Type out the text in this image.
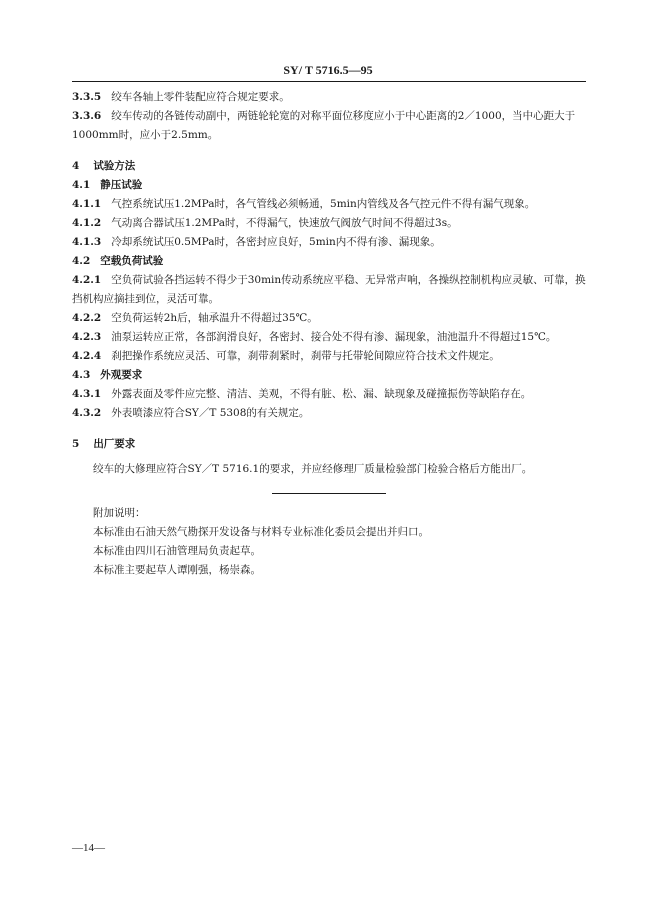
SY/ T 5716.5—95

3.3.5 绞车各轴上零件装配应符合规定要求。

3.3.6 绞车传动的各链传动副中，两链轮轮宽的对称平面位移度应小于中心距离的2／1000，当中心距大于1000mm时，应小于2.5mm。

4 试验方法

4.1 静压试验

4.1.1 气控系统试压1.2MPa时，各气管线必须畅通，5min内管线及各气控元件不得有漏气现象。

4.1.2 气动离合器试压1.2MPa时，不得漏气，快速放气阀放气时间不得超过3s。

4.1.3 冷却系统试压0.5MPa时，各密封应良好，5min内不得有渗、漏现象。

4.2 空载负荷试验

4.2.1 空负荷试验各挡运转不得少于30min传动系统应平稳、无异常声响，各操纵控制机构应灵敏、可靠，换挡机构应摘挂到位，灵活可靠。

4.2.2 空负荷运转2h后，轴承温升不得超过35℃。

4.2.3 油泵运转应正常，各部润滑良好，各密封、接合处不得有渗、漏现象，油池温升不得超过15℃。

4.2.4 刹把操作系统应灵活、可靠，刹带刹紧时，刹带与托带轮间隙应符合技术文件规定。

4.3 外观要求

4.3.1 外露表面及零件应完整、清洁、美观，不得有脏、松、漏、缺现象及碰撞振伤等缺陷存在。

4.3.2 外表喷漆应符合SY／T 5308的有关规定。

5 出厂要求

绞车的大修理应符合SY／T 5716.1的要求，并应经修理厂质量检验部门检验合格后方能出厂。

附加说明：

本标准由石油天然气勘探开发设备与材料专业标准化委员会提出并归口。

本标准由四川石油管理局负责起草。

本标准主要起草人谭刚强，杨崇森。

—14—
